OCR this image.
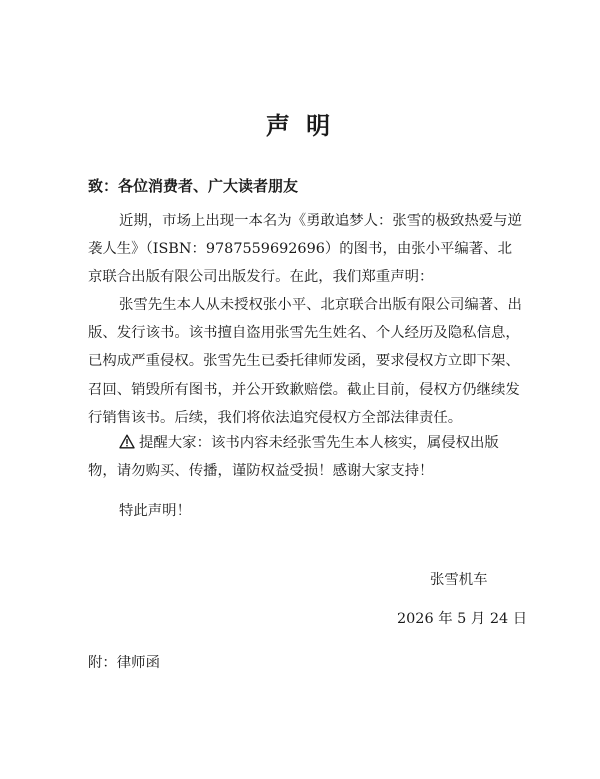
声 明
致：各位消费者、广大读者朋友
近期，市场上出现一本名为《勇敢追梦人：张雪的极致热爱与逆袭人生》（ISBN：9787559692696）的图书，由张小平编著、北京联合出版有限公司出版发行。在此，我们郑重声明：
张雪先生本人从未授权张小平、北京联合出版有限公司编著、出版、发行该书。该书擅自盗用张雪先生姓名、个人经历及隐私信息，已构成严重侵权。张雪先生已委托律师发函，要求侵权方立即下架、召回、销毁所有图书，并公开致歉赔偿。截止目前，侵权方仍继续发行销售该书。后续，我们将依法追究侵权方全部法律责任。
提醒大家：该书内容未经张雪先生本人核实，属侵权出版物，请勿购买、传播，谨防权益受损！感谢大家支持！
特此声明！
张雪机车
2026 年 5 月 24 日
附：律师函
